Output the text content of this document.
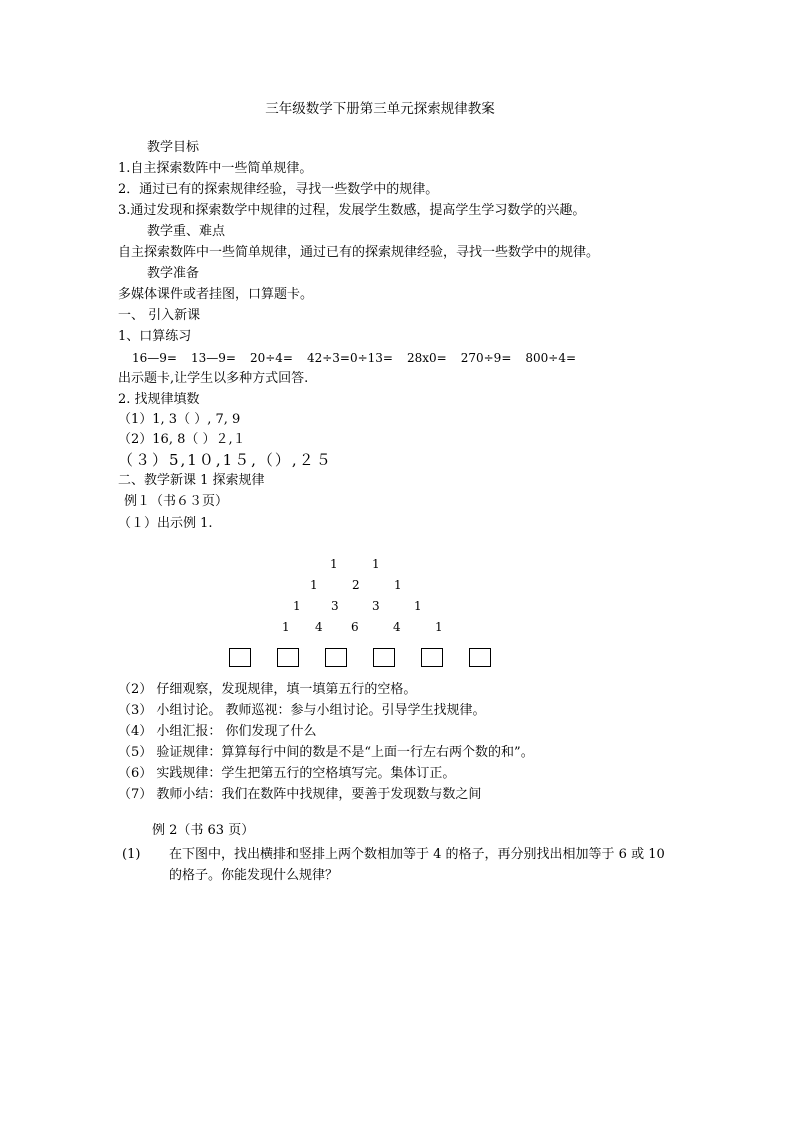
三年级数学下册第三单元探索规律教案
教学目标
1.自主探索数阵中一些简单规律。
2．通过已有的探索规律经验，寻找一些数学中的规律。
3.通过发现和探索数学中规律的过程，发展学生数感，提高学生学习数学的兴趣。
教学重、难点
自主探索数阵中一些简单规律，通过已有的探索规律经验，寻找一些数学中的规律。
教学准备
多媒体课件或者挂图，口算题卡。
一、 引入新课
1、口算练习
16—9= 13—9= 20÷4= 42÷3=0÷13= 28x0= 270÷9= 800÷4=
出示题卡,让学生以多种方式回答.
2. 找规律填数
（1）1, 3（ ）, 7, 9
（2）16, 8（ ）２,１
（３）5,1０,1５,（）,２５
二、教学新课 1 探索规律
例１（书６３页）
（１）出示例 1.
1	1
1	2	1
1	3	3	1
1 4 6	4	1
（2） 仔细观察，发现规律，填一填第五行的空格。
（3） 小组讨论。 教师巡视：参与小组讨论。引导学生找规律。
（4） 小组汇报： 你们发现了什么
（5） 验证规律：算算每行中间的数是不是“上面一行左右两个数的和”。
（6） 实践规律：学生把第五行的空格填写完。集体订正。
（7） 教师小结：我们在数阵中找规律，要善于发现数与数之间
例 2（书 63 页）
(1) 在下图中，找出横排和竖排上两个数相加等于 4 的格子，再分别找出相加等于 6 或 10 的格子。你能发现什么规律？
